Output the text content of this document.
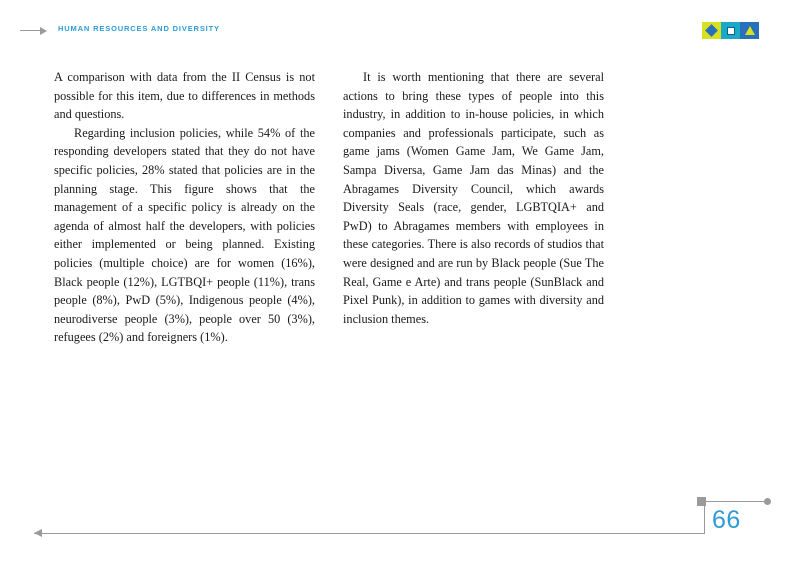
HUMAN RESOURCES AND DIVERSITY

A comparison with data from the II Census is not possible for this item, due to differences in methods and questions.

Regarding inclusion policies, while 54% of the responding developers stated that they do not have specific policies, 28% stated that policies are in the planning stage. This figure shows that the management of a specific policy is already on the agenda of almost half the developers, with policies either implemented or being planned. Existing policies (multiple choice) are for women (16%), Black people (12%), LGTBQI+ people (11%), trans people (8%), PwD (5%), Indigenous people (4%), neurodiverse people (3%), people over 50 (3%), refugees (2%) and foreigners (1%).

It is worth mentioning that there are several actions to bring these types of people into this industry, in addition to in-house policies, in which companies and professionals participate, such as game jams (Women Game Jam, We Game Jam, Sampa Diversa, Game Jam das Minas) and the Abragames Diversity Council, which awards Diversity Seals (race, gender, LGBTQIA+ and PwD) to Abragames members with employees in these categories. There is also records of studios that were designed and are run by Black people (Sue The Real, Game e Arte) and trans people (SunBlack and Pixel Punk), in addition to games with diversity and inclusion themes.

66
